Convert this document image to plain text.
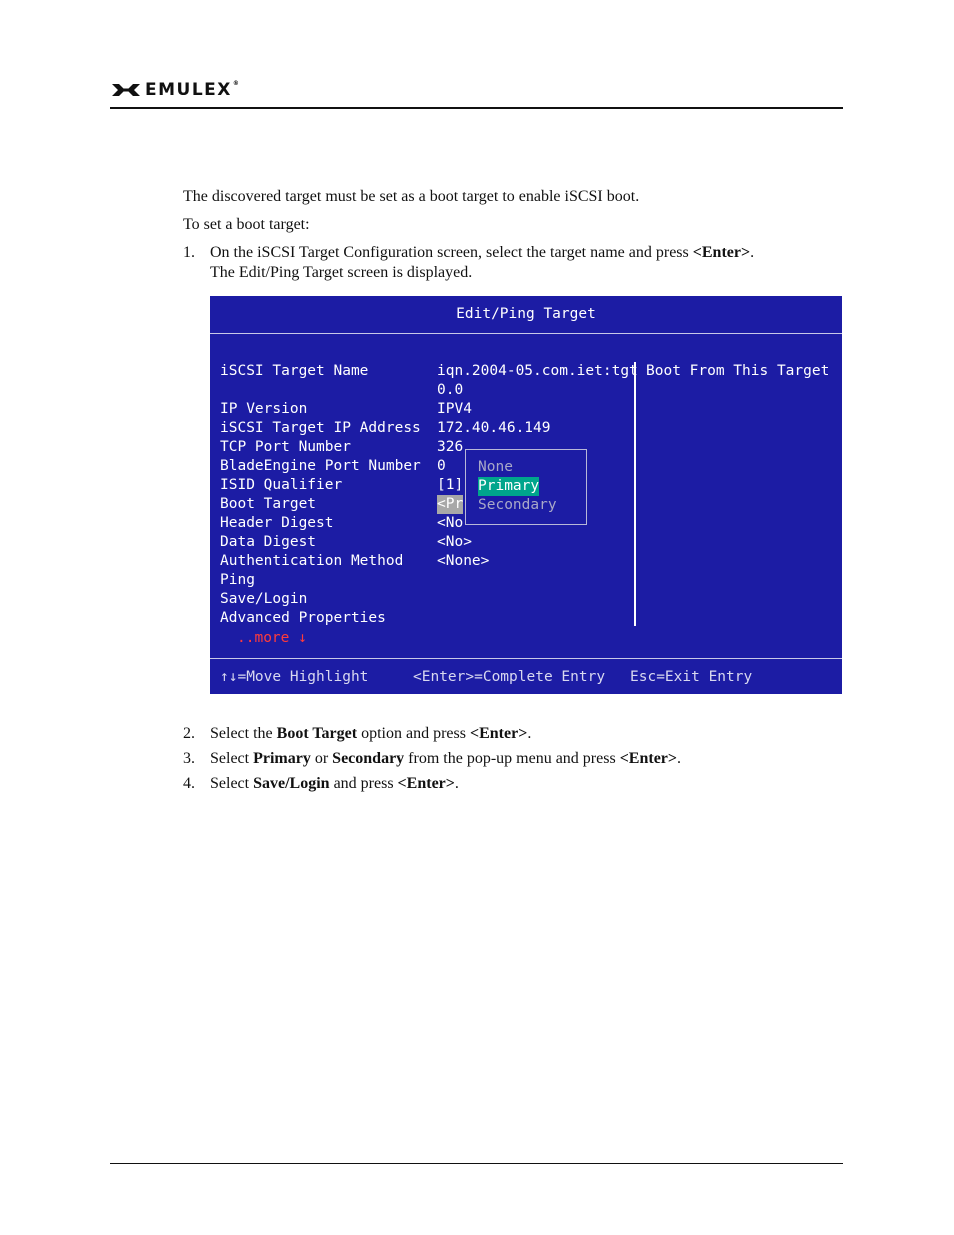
EMULEX®

The discovered target must be set as a boot target to enable iSCSI boot.

To set a boot target:

1. On the iSCSI Target Configuration screen, select the target name and press <Enter>.
The Edit/Ping Target screen is displayed.
Edit/Ping Target
iSCSI Target Name	iqn.2004-05.com.iet:tgt
0.0
IP Version	IPV4
iSCSI Target IP Address 172.40.46.149
TCP Port Number	326
BladeEngine Port Number 0
ISID Qualifier	[1]
Boot Target	<Pr
Header Digest	<No
Data Digest	<No>
Authentication Method <None>
Ping
Save/Login
Advanced Properties
..more ↓
Boot From This Target
None
Primary
Secondary
↑↓=Move Highlight	<Enter>=Complete Entry Esc=Exit Entry
2. Select the Boot Target option and press <Enter>.
3. Select Primary or Secondary from the pop-up menu and press <Enter>.
4. Select Save/Login and press <Enter>.
